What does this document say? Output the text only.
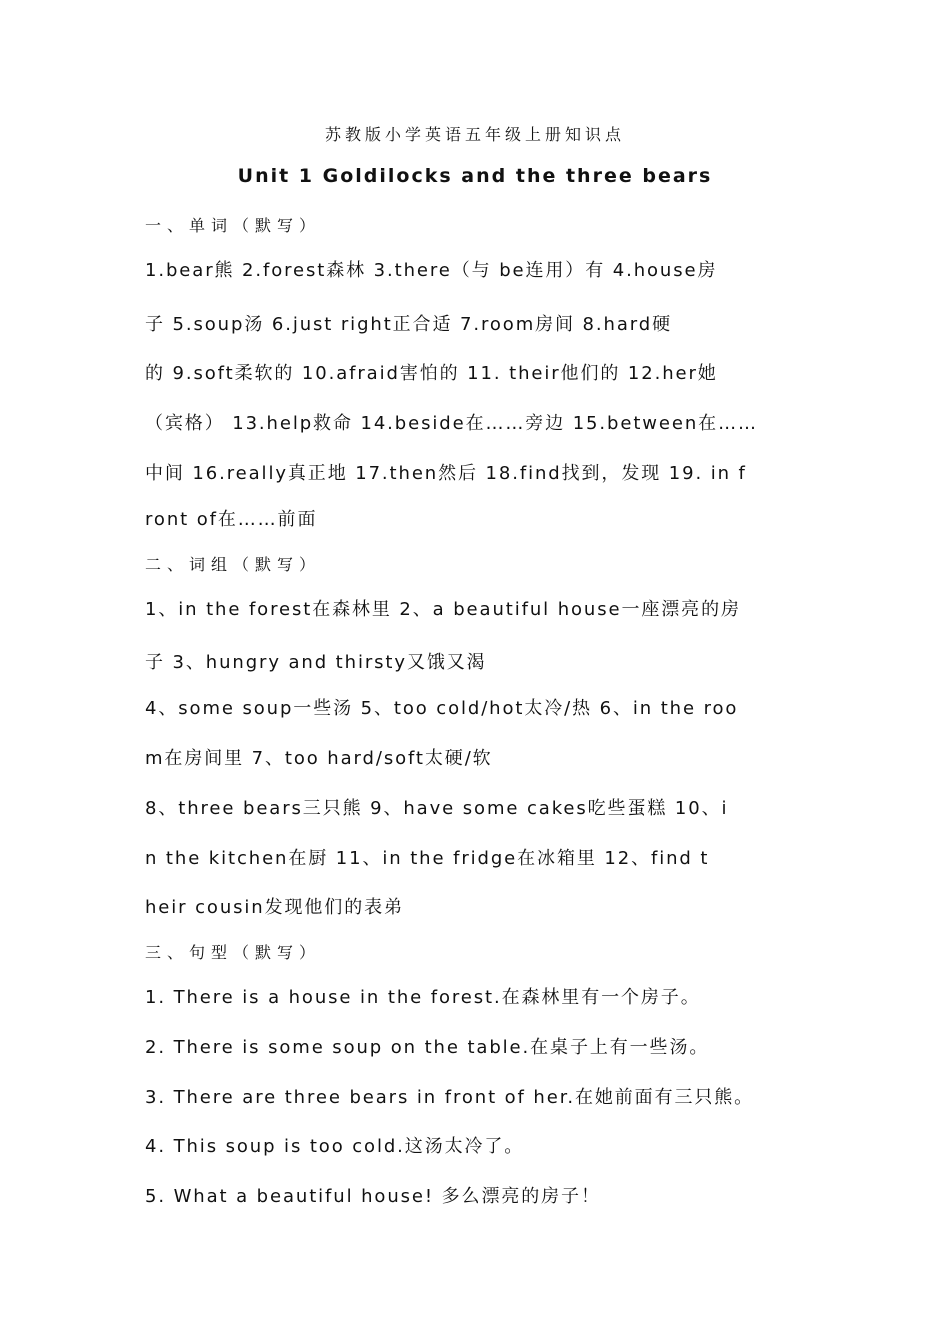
苏教版小学英语五年级上册知识点
Unit 1 Goldilocks and the three bears
一、单词（默写）
1.bear熊 2.forest森林 3.there（与 be连用）有 4.house房
子 5.soup汤 6.just right正合适 7.room房间 8.hard硬
的 9.soft柔软的 10.afraid害怕的 11. their他们的 12.her她
（宾格） 13.help救命 14.beside在……旁边 15.between在……
中间 16.really真正地 17.then然后 18.find找到，发现 19. in f
ront of在……前面
二、词组（默写）
1、in the forest在森林里 2、a beautiful house一座漂亮的房
子 3、hungry and thirsty又饿又渴
4、some soup一些汤 5、too cold/hot太冷/热 6、in the roo
m在房间里 7、too hard/soft太硬/软
8、three bears三只熊 9、have some cakes吃些蛋糕 10、i
n the kitchen在厨 11、in the fridge在冰箱里 12、find t
heir cousin发现他们的表弟
三、句型（默写）
1. There is a house in the forest.在森林里有一个房子。
2. There is some soup on the table.在桌子上有一些汤。
3. There are three bears in front of her.在她前面有三只熊。
4. This soup is too cold.这汤太冷了。
5. What a beautiful house! 多么漂亮的房子！
